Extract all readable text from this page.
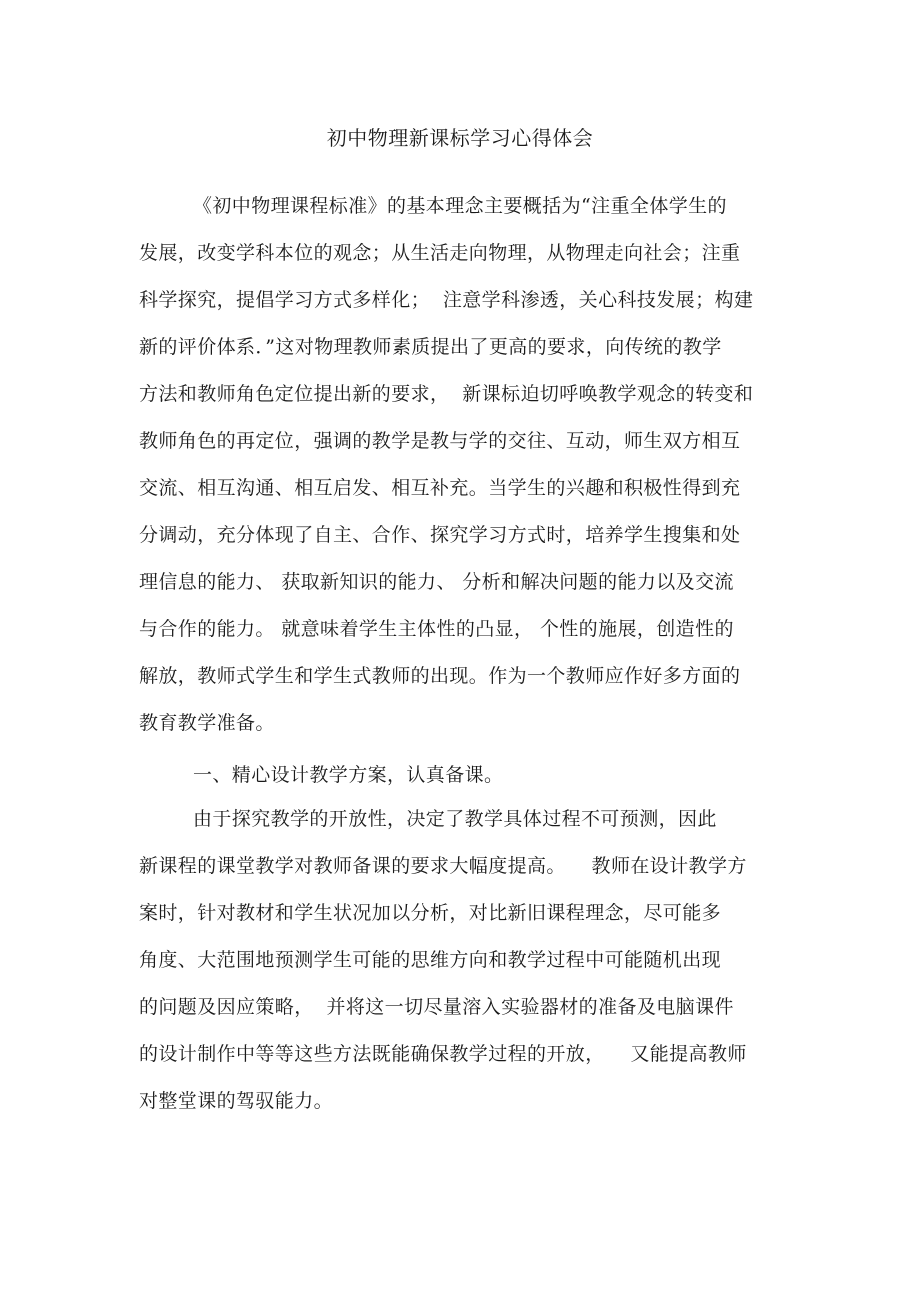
初中物理新课标学习心得体会
《初中物理课程标准》的基本理念主要概括为“注重全体学生的
发展，改变学科本位的观念；从生活走向物理，从物理走向社会；注重
科学探究，提倡学习方式多样化；  注意学科渗透，关心科技发展；构建
新的评价体系．”这对物理教师素质提出了更高的要求，向传统的教学
方法和教师角色定位提出新的要求，  新课标迫切呼唤教学观念的转变和
教师角色的再定位，强调的教学是教与学的交往、互动，师生双方相互
交流、相互沟通、相互启发、相互补充。当学生的兴趣和积极性得到充
分调动，充分体现了自主、合作、探究学习方式时，培养学生搜集和处
理信息的能力、 获取新知识的能力、 分析和解决问题的能力以及交流
与合作的能力。 就意味着学生主体性的凸显， 个性的施展，创造性的
解放，教师式学生和学生式教师的出现。作为一个教师应作好多方面的
教育教学准备。
一、精心设计教学方案，认真备课。
由于探究教学的开放性，决定了教学具体过程不可预测，因此
新课程的课堂教学对教师备课的要求大幅度提高。    教师在设计教学方
案时，针对教材和学生状况加以分析，对比新旧课程理念，尽可能多
角度、大范围地预测学生可能的思维方向和教学过程中可能随机出现
的问题及因应策略，  并将这一切尽量溶入实验器材的准备及电脑课件
的设计制作中等等这些方法既能确保教学过程的开放，    又能提高教师
对整堂课的驾驭能力。
